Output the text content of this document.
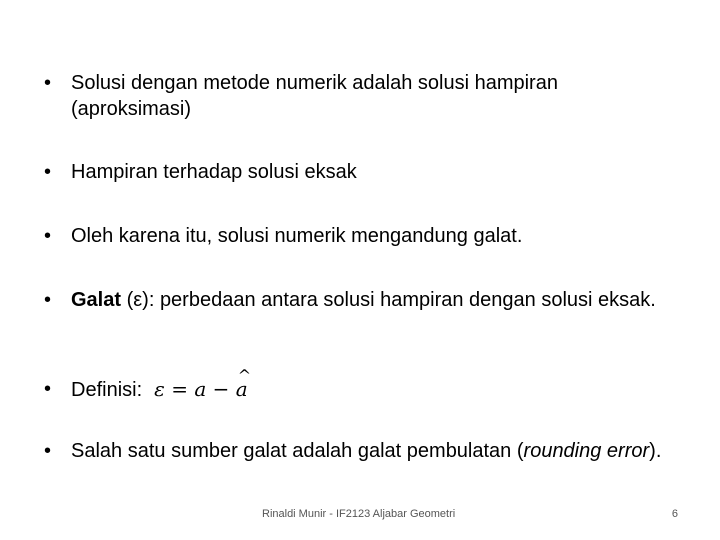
• Solusi dengan metode numerik adalah solusi hampiran (aproksimasi)
• Hampiran terhadap solusi eksak
• Oleh karena itu, solusi numerik mengandung galat.
• Galat (ε): perbedaan antara solusi hampiran dengan solusi eksak.
• Definisi: ε = a − ^ a
• Salah satu sumber galat adalah galat pembulatan (rounding error).
Rinaldi Munir - IF2123 Aljabar Geometri	6
